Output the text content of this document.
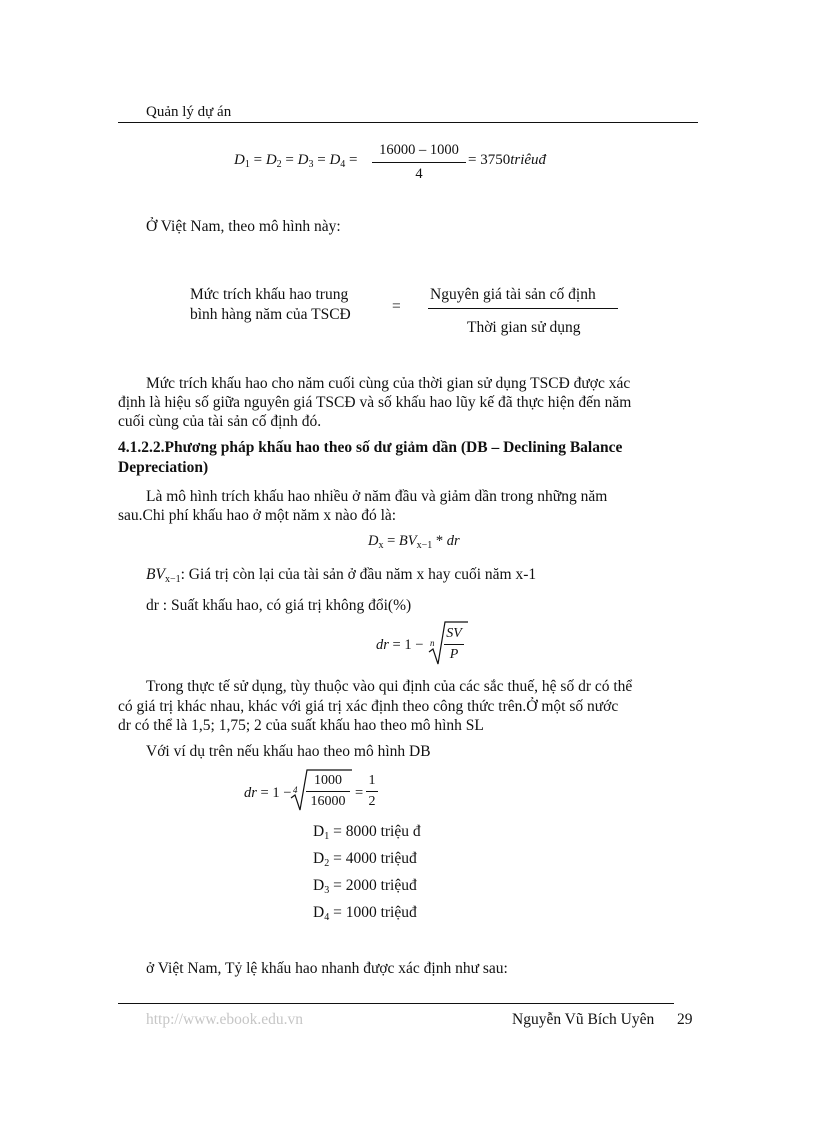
Quản lý dự án
$D_1 = D_2 = D_3 = D_4$ =
16000 – 1000
4
= 3750triêuđ
Ở Việt Nam, theo mô hình này:
Mức trích khấu hao trung
bình hàng năm của TSCĐ	=
Nguyên giá tài sản cố định
Thời gian sử dụng
Mức trích khấu hao cho năm cuối cùng của thời gian sử dụng TSCĐ được xác
định là hiệu số giữa nguyên giá TSCĐ và số khấu hao lũy kế đã thực hiện đến năm
cuối cùng của tài sản cố định đó.
4.1.2.2.Phương pháp khấu hao theo số dư giảm dần (DB – Declining Balance
Depreciation)
Là mô hình trích khấu hao nhiều ở năm đầu và giảm dần trong những năm
sau.Chi phí khấu hao ở một năm x nào đó là:
$D_x = BV_{x-1}$ * dr
$BV_{x-1}$: Giá trị còn lại của tài sản ở đầu năm x hay cuối năm x-1
dr : Suất khấu hao, có giá trị không đổi(%)
dr = 1 − n
SV
P
Trong thực tế sử dụng, tùy thuộc vào qui định của các sắc thuế, hệ số dr có thể
có giá trị khác nhau, khác với giá trị xác định theo công thức trên.Ở một số nước
dr có thể là 1,5; 1,75; 2 của suất khấu hao theo mô hình SL
Với ví dụ trên nếu khấu hao theo mô hình DB
dr = 1 − 4
1000
16000
=
1
2
$D_1 = 8000$ triệu đ
$D_2 = 4000$ triệuđ
$D_3 = 2000$ triệuđ
$D_4 = 1000$ triệuđ
ở Việt Nam, Tỷ lệ khấu hao nhanh được xác định như sau:
http://www.ebook.edu.vn	Nguyễn Vũ Bích Uyên 29
